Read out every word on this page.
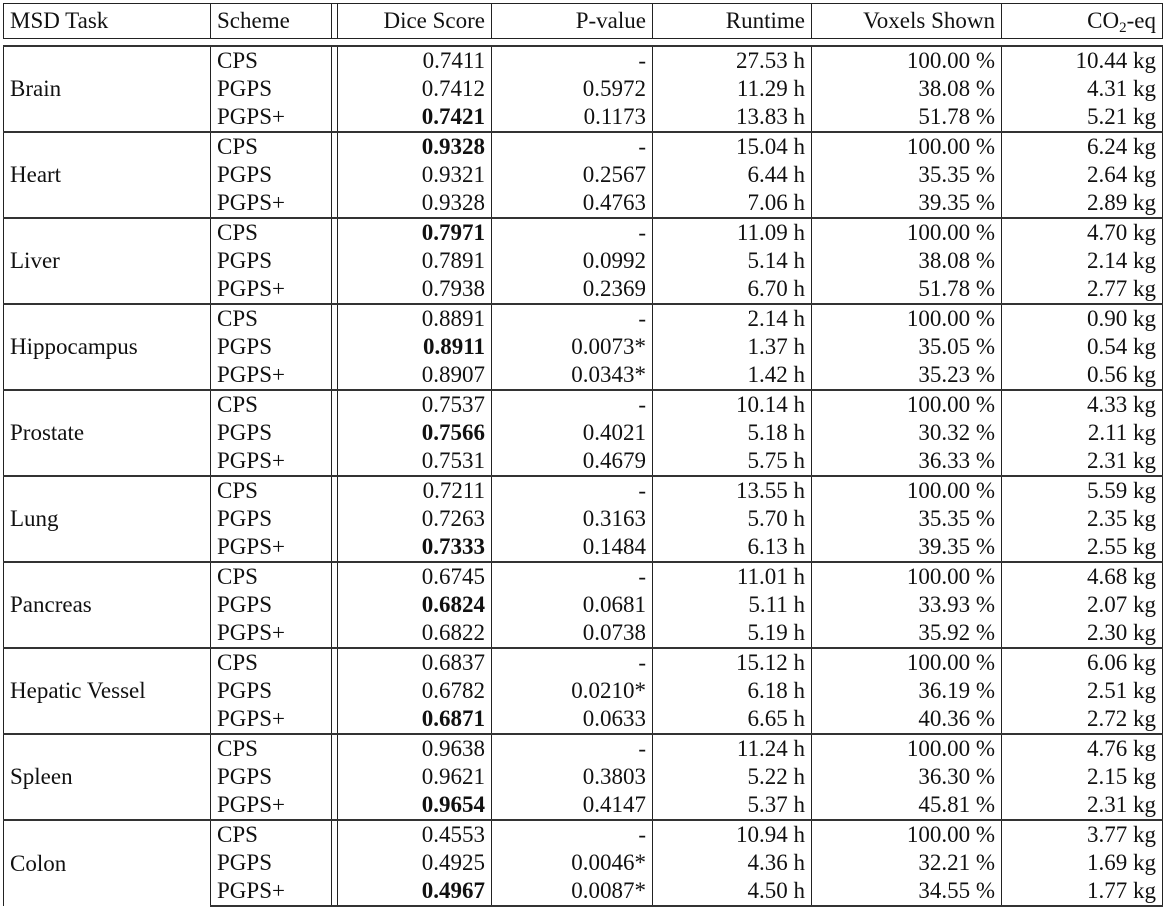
MSD Task	Scheme		Dice Score	P-value	Runtime	Voxels Shown	$CO_2-eq$

Brain	CPS		0.7411	-	27.53 h	100.00 %	10.44 kg
	PGPS		0.7412	0.5972	11.29 h	38.08 %	4.31 kg
	PGPS+		0.7421	0.1173	13.83 h	51.78 %	5.21 kg
Heart	CPS		0.9328	-	15.04 h	100.00 %	6.24 kg
	PGPS		0.9321	0.2567	6.44 h	35.35 %	2.64 kg
	PGPS+		0.9328	0.4763	7.06 h	39.35 %	2.89 kg
Liver	CPS		0.7971	-	11.09 h	100.00 %	4.70 kg
	PGPS		0.7891	0.0992	5.14 h	38.08 %	2.14 kg
	PGPS+		0.7938	0.2369	6.70 h	51.78 %	2.77 kg
Hippocampus	CPS		0.8891	-	2.14 h	100.00 %	0.90 kg
	PGPS		0.8911	0.0073*	1.37 h	35.05 %	0.54 kg
	PGPS+		0.8907	0.0343*	1.42 h	35.23 %	0.56 kg
Prostate	CPS		0.7537	-	10.14 h	100.00 %	4.33 kg
	PGPS		0.7566	0.4021	5.18 h	30.32 %	2.11 kg
	PGPS+		0.7531	0.4679	5.75 h	36.33 %	2.31 kg
Lung	CPS		0.7211	-	13.55 h	100.00 %	5.59 kg
	PGPS		0.7263	0.3163	5.70 h	35.35 %	2.35 kg
	PGPS+		0.7333	0.1484	6.13 h	39.35 %	2.55 kg
Pancreas	CPS		0.6745	-	11.01 h	100.00 %	4.68 kg
	PGPS		0.6824	0.0681	5.11 h	33.93 %	2.07 kg
	PGPS+		0.6822	0.0738	5.19 h	35.92 %	2.30 kg
Hepatic Vessel	CPS		0.6837	-	15.12 h	100.00 %	6.06 kg
	PGPS		0.6782	0.0210*	6.18 h	36.19 %	2.51 kg
	PGPS+		0.6871	0.0633	6.65 h	40.36 %	2.72 kg
Spleen	CPS		0.9638	-	11.24 h	100.00 %	4.76 kg
	PGPS		0.9621	0.3803	5.22 h	36.30 %	2.15 kg
	PGPS+		0.9654	0.4147	5.37 h	45.81 %	2.31 kg
Colon	CPS		0.4553	-	10.94 h	100.00 %	3.77 kg
	PGPS		0.4925	0.0046*	4.36 h	32.21 %	1.69 kg
	PGPS+		0.4967	0.0087*	4.50 h	34.55 %	1.77 kg
